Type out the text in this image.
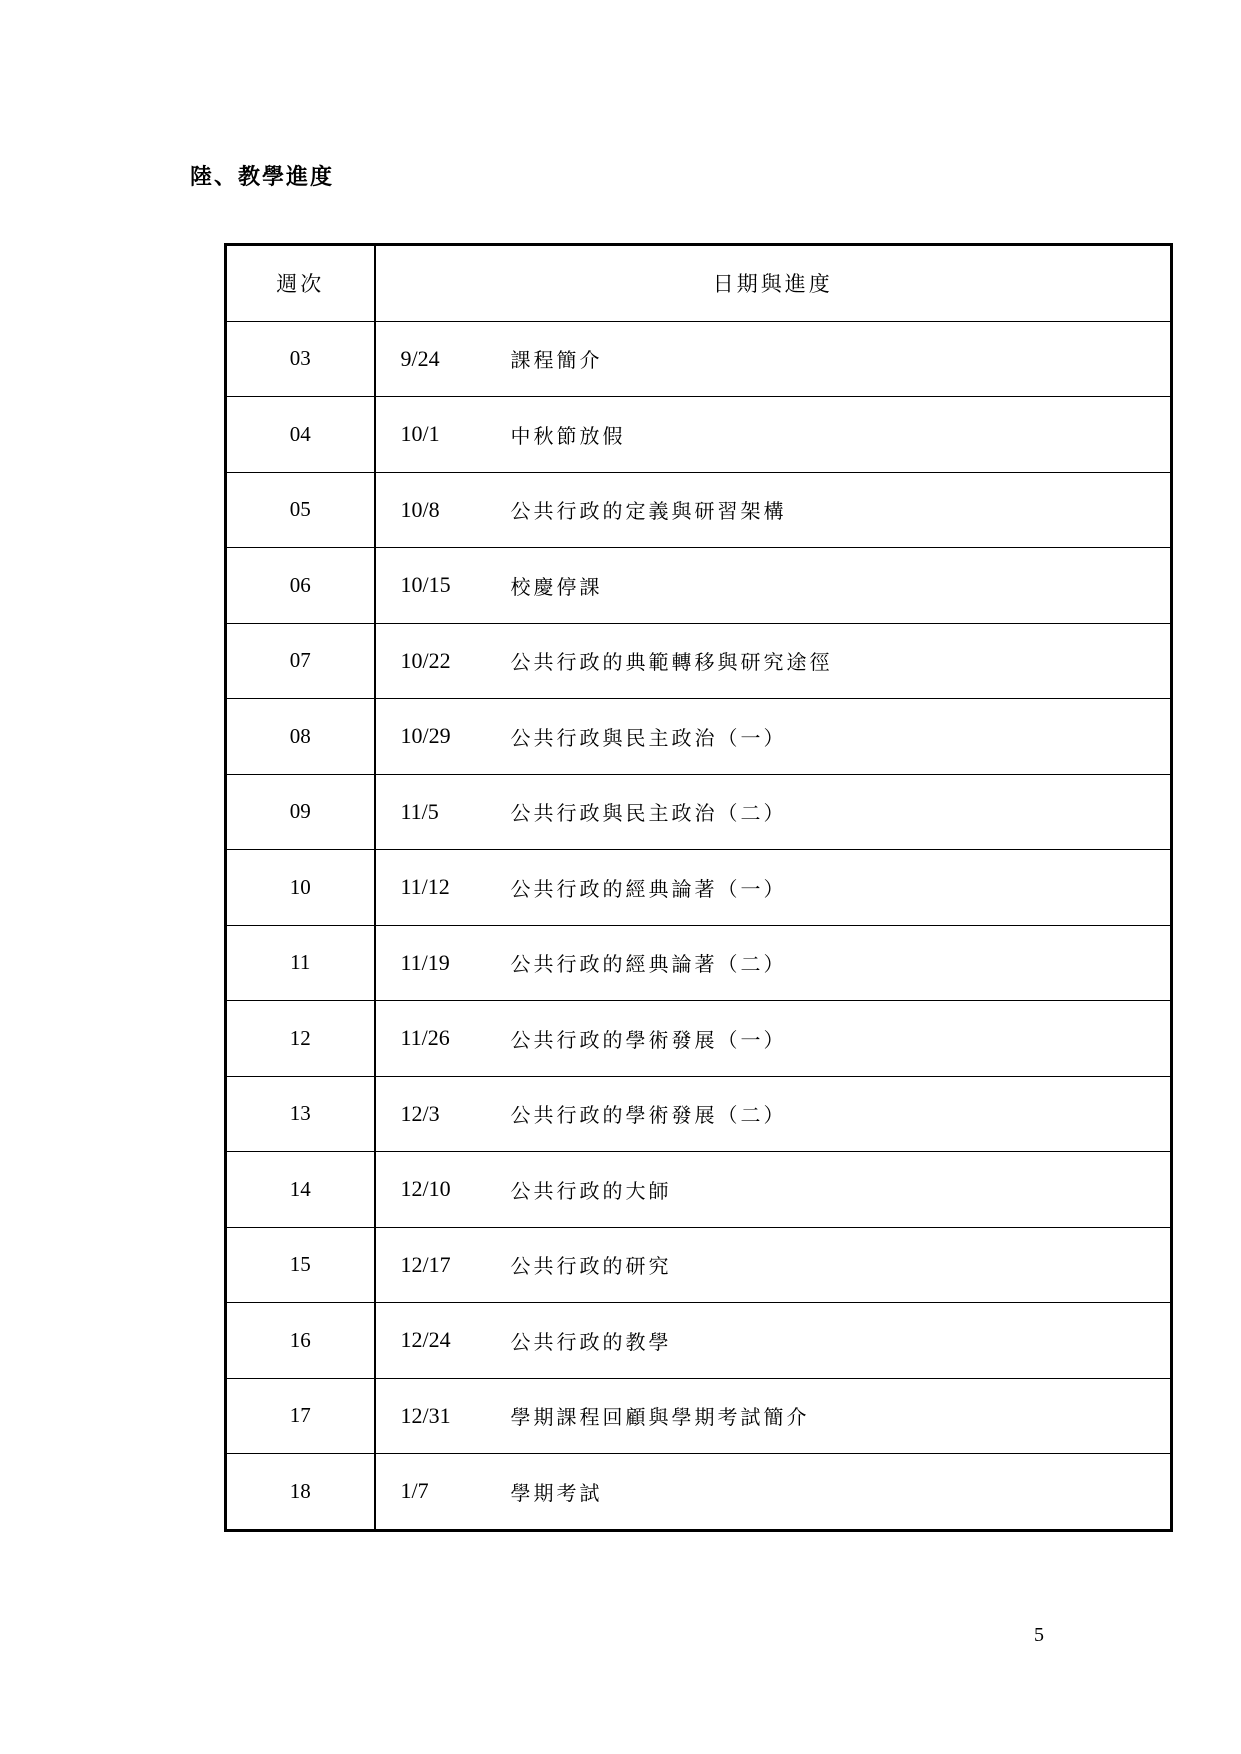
陸、教學進度
週次	日期與進度
03	9/24 課程簡介
04	10/1 中秋節放假
05	10/8 公共行政的定義與研習架構
06	10/15 校慶停課
07	10/22 公共行政的典範轉移與研究途徑
08	10/29 公共行政與民主政治（一）
09	11/5 公共行政與民主政治（二）
10	11/12 公共行政的經典論著（一）
11	11/19 公共行政的經典論著（二）
12	11/26 公共行政的學術發展（一）
13	12/3 公共行政的學術發展（二）
14	12/10 公共行政的大師
15	12/17 公共行政的研究
16	12/24 公共行政的教學
17	12/31 學期課程回顧與學期考試簡介
18	1/7 學期考試
5
